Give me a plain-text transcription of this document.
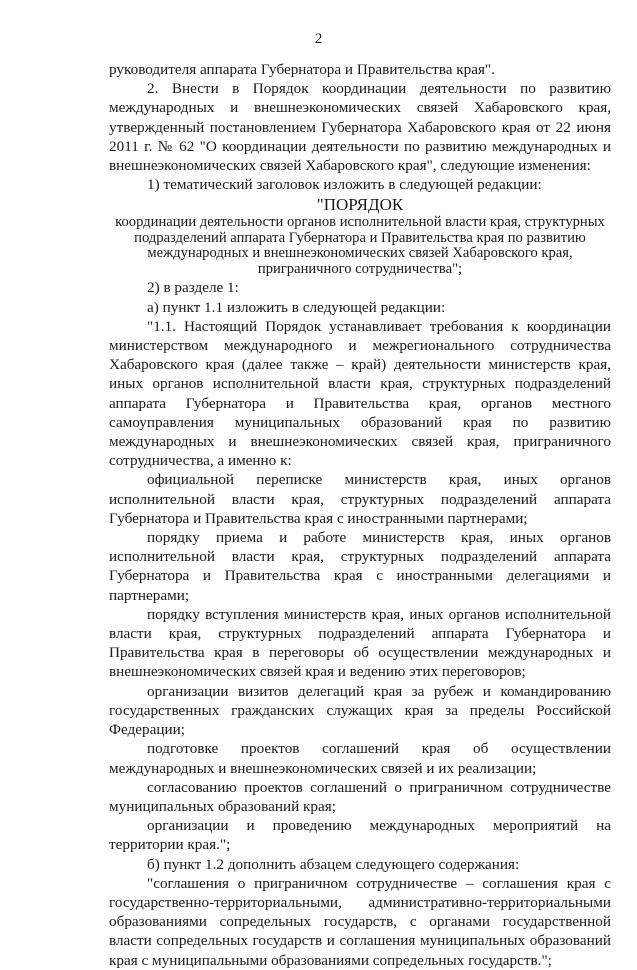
2

руководителя аппарата Губернатора и Правительства края".

2. Внести в Порядок координации деятельности по развитию международных и внешнеэкономических связей Хабаровского края, утвержденный постановлением Губернатора Хабаровского края от 22 июня 2011 г. № 62 "О координации деятельности по развитию международных и внешнеэкономических связей Хабаровского края", следующие изменения:

1) тематический заголовок изложить в следующей редакции:

"ПОРЯДОК

координации деятельности органов исполнительной власти края, структурных подразделений аппарата Губернатора и Правительства края по развитию международных и внешнеэкономических связей Хабаровского края, приграничного сотрудничества";

2) в разделе 1:

а) пункт 1.1 изложить в следующей редакции:

"1.1. Настоящий Порядок устанавливает требования к координации министерством международного и межрегионального сотрудничества Хабаровского края (далее также – край) деятельности министерств края, иных органов исполнительной власти края, структурных подразделений аппарата Губернатора и Правительства края, органов местного самоуправления муниципальных образований края по развитию международных и внешнеэкономических связей края, приграничного сотрудничества, а именно к:

официальной переписке министерств края, иных органов исполнительной власти края, структурных подразделений аппарата Губернатора и Правительства края с иностранными партнерами;

порядку приема и работе министерств края, иных органов исполнительной власти края, структурных подразделений аппарата Губернатора и Правительства края с иностранными делегациями и партнерами;

порядку вступления министерств края, иных органов исполнительной власти края, структурных подразделений аппарата Губернатора и Правительства края в переговоры об осуществлении международных и внешнеэкономических связей края и ведению этих переговоров;

организации визитов делегаций края за рубеж и командированию государственных гражданских служащих края за пределы Российской Федерации;

подготовке проектов соглашений края об осуществлении международных и внешнеэкономических связей и их реализации;

согласованию проектов соглашений о приграничном сотрудничестве муниципальных образований края;

организации и проведению международных мероприятий на территории края.";

б) пункт 1.2 дополнить абзацем следующего содержания:

"соглашения о приграничном сотрудничестве – соглашения края с государственно-территориальными, административно-территориальными образованиями сопредельных государств, с органами государственной власти сопредельных государств и соглашения муниципальных образований края с муниципальными образованиями сопредельных государств.";
